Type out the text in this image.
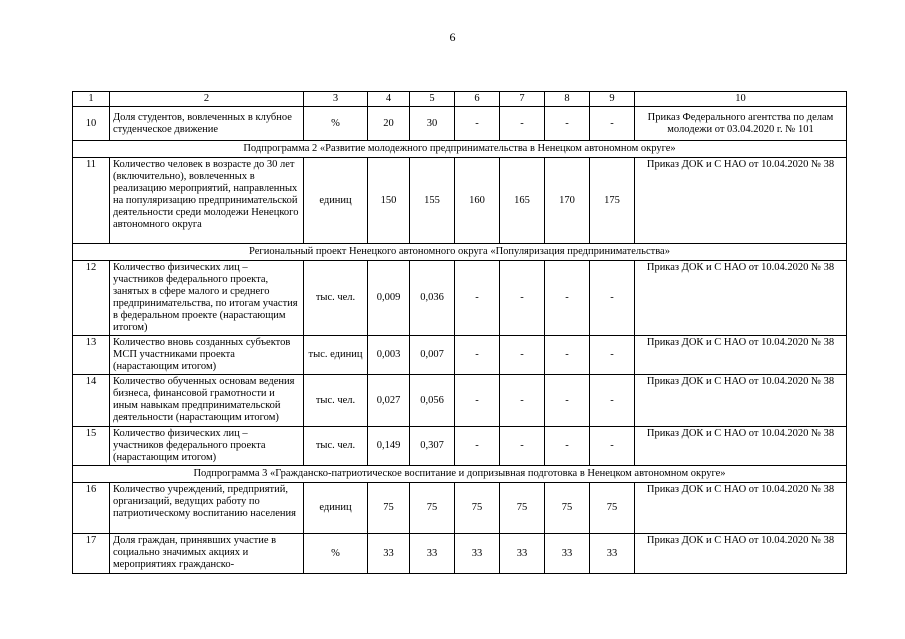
6
1	2	3	4	5	6	7	8	9	10
10	Доля студентов, вовлеченных в клубное студенческое движение	%	20	30	-	-	-	-	Приказ Федерального агентства по делам молодежи от 03.04.2020 г. № 101
Подпрограмма 2 «Развитие молодежного предпринимательства в Ненецком автономном округе»									
11	Количество человек в возрасте до 30 лет (включительно), вовлеченных в реализацию мероприятий, направленных на популяризацию предпринимательской деятельности среди молодежи Ненецкого автономного округа	единиц	150	155	160	165	170	175	Приказ ДОК и С НАО от 10.04.2020 № 38
Региональный проект Ненецкого автономного округа «Популяризация предпринимательства»									
12	Количество физических лиц – участников федерального проекта, занятых в сфере малого и среднего предпринимательства, по итогам участия в федеральном проекте (нарастающим итогом)	тыс. чел.	0,009	0,036	-	-	-	-	Приказ ДОК и С НАО от 10.04.2020 № 38
13	Количество вновь созданных субъектов МСП участниками проекта (нарастающим итогом)	тыс. единиц	0,003	0,007	-	-	-	-	Приказ ДОК и С НАО от 10.04.2020 № 38
14	Количество обученных основам ведения бизнеса, финансовой грамотности и иным навыкам предпринимательской деятельности (нарастающим итогом)	тыс. чел.	0,027	0,056	-	-	-	-	Приказ ДОК и С НАО от 10.04.2020 № 38
15	Количество физических лиц – участников федерального проекта (нарастающим итогом)	тыс. чел.	0,149	0,307	-	-	-	-	Приказ ДОК и С НАО от 10.04.2020 № 38
Подпрограмма 3 «Гражданско-патриотическое воспитание и допризывная подготовка в Ненецком автономном округе»									
16	Количество учреждений, предприятий, организаций, ведущих работу по патриотическому воспитанию населения	единиц	75	75	75	75	75	75	Приказ ДОК и С НАО от 10.04.2020 № 38
17	Доля граждан, принявших участие в социально значимых акциях и мероприятиях гражданско-	%	33	33	33	33	33	33	Приказ ДОК и С НАО от 10.04.2020 № 38
